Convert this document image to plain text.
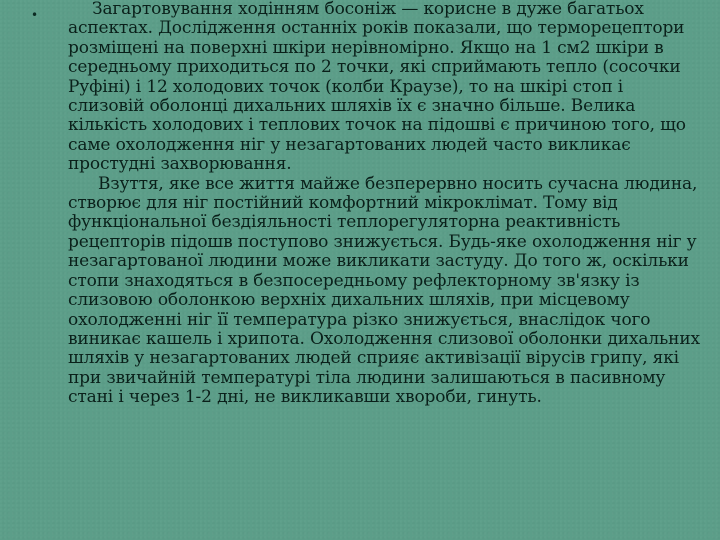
•	Загартовування ходінням босоніж — корисне в дуже багатьох аспектах. Дослідження останніх років показали, що терморецептори розміщені на поверхні шкіри нерівномірно. Якщо на 1 см2 шкіри в середньому приходиться по 2 точки, які сприймають тепло (сосочки Руфіні) і 12 холодових точок (колби Краузе), то на шкірі стоп і слизовій оболонці дихальних шляхів їх є значно більше. Велика кількість холодових і теплових точок на підошві є причиною того, що саме охолодження ніг у незагартованих людей часто викликає простудні захворювання.

Взуття, яке все життя майже безперервно носить сучасна людина, створює для ніг постійний комфортний мікроклімат. Тому від функціональної бездіяльності теплорегуляторна реактивність рецепторів підошв поступово знижується. Будь-яке охолодження ніг у незагартованої людини може викликати застуду. До того ж, оскільки стопи знаходяться в безпосередньому рефлекторному зв'язку із слизовою оболонкою верхніх дихальних шляхів, при місцевому охолодженні ніг її температура різко знижується, внаслідок чого виникає кашель і хрипота. Охолодження слизової оболонки дихальних шляхів у незагартованих людей сприяє активізації вірусів грипу, які при звичайній температурі тіла людини залишаються в пасивному стані і через 1-2 дні, не викликавши хвороби, гинуть.
